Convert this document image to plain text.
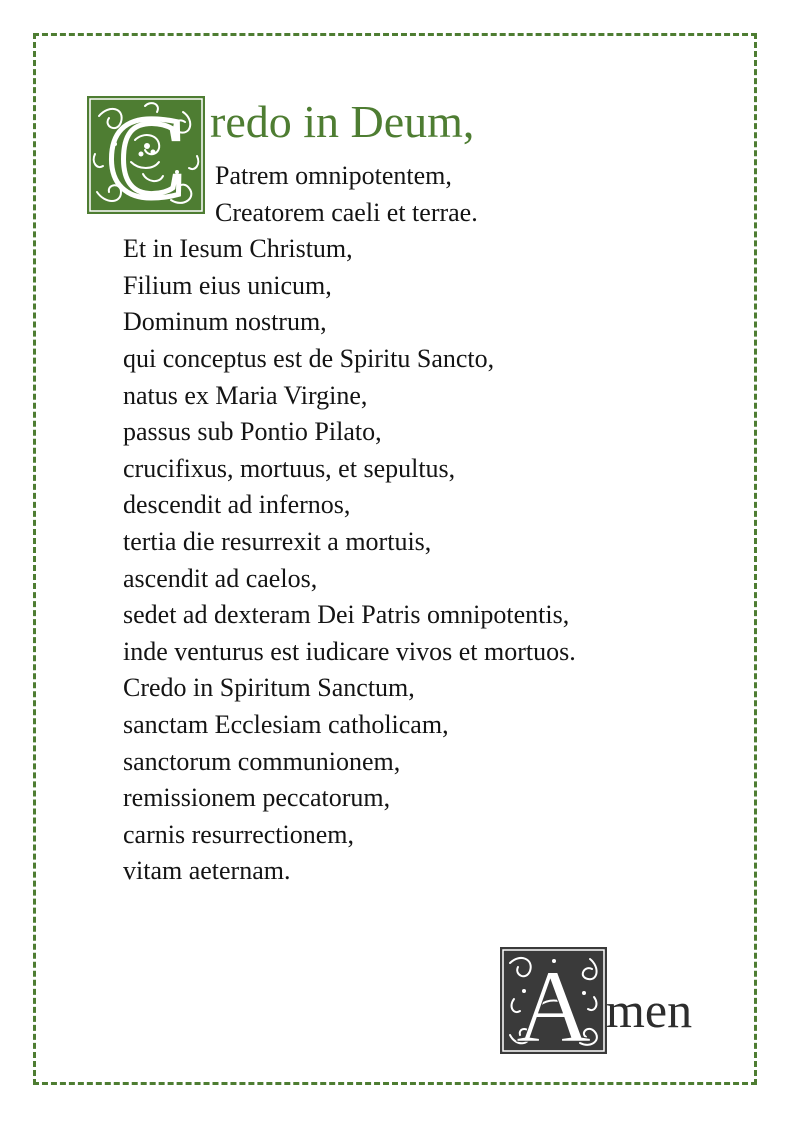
C redo in Deum,
Patrem omnipotentem,
Creatorem caeli et terrae.
Et in Iesum Christum,
Filium eius unicum,
Dominum nostrum,
qui conceptus est de Spiritu Sancto,
natus ex Maria Virgine,
passus sub Pontio Pilato,
crucifixus, mortuus, et sepultus,
descendit ad infernos,
tertia die resurrexit a mortuis,
ascendit ad caelos,
sedet ad dexteram Dei Patris omnipotentis,
inde venturus est iudicare vivos et mortuos.
Credo in Spiritum Sanctum,
sanctam Ecclesiam catholicam,
sanctorum communionem,
remissionem peccatorum,
carnis resurrectionem,
vitam aeternam.
A men
